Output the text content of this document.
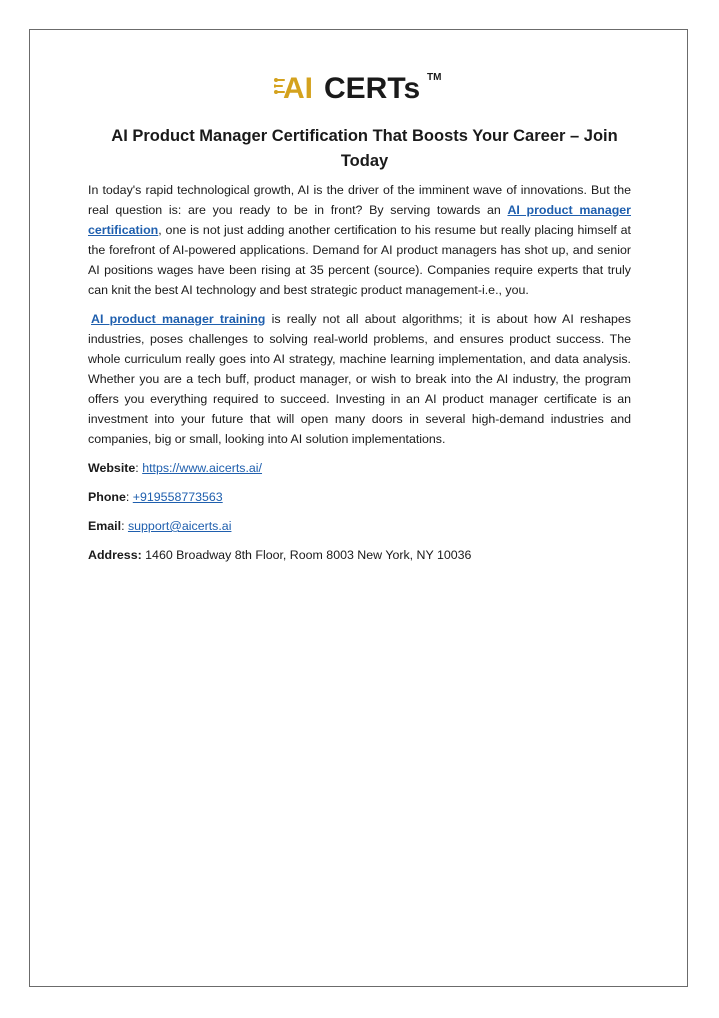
AI CERTs TM
AI Product Manager Certification That Boosts Your Career – Join Today

In today's rapid technological growth, AI is the driver of the imminent wave of innovations. But the real question is: are you ready to be in front? By serving towards an AI product manager certification, one is not just adding another certification to his resume but really placing himself at the forefront of AI-powered applications. Demand for AI product managers has shot up, and senior AI positions wages have been rising at 35 percent (source). Companies require experts that truly can knit the best AI technology and best strategic product management-i.e., you.

AI product manager training is really not all about algorithms; it is about how AI reshapes industries, poses challenges to solving real-world problems, and ensures product success. The whole curriculum really goes into AI strategy, machine learning implementation, and data analysis. Whether you are a tech buff, product manager, or wish to break into the AI industry, the program offers you everything required to succeed. Investing in an AI product manager certificate is an investment into your future that will open many doors in several high-demand industries and companies, big or small, looking into AI solution implementations.

Website: https://www.aicerts.ai/

Phone: +919558773563

Email: support@aicerts.ai

Address: 1460 Broadway 8th Floor, Room 8003 New York, NY 10036
